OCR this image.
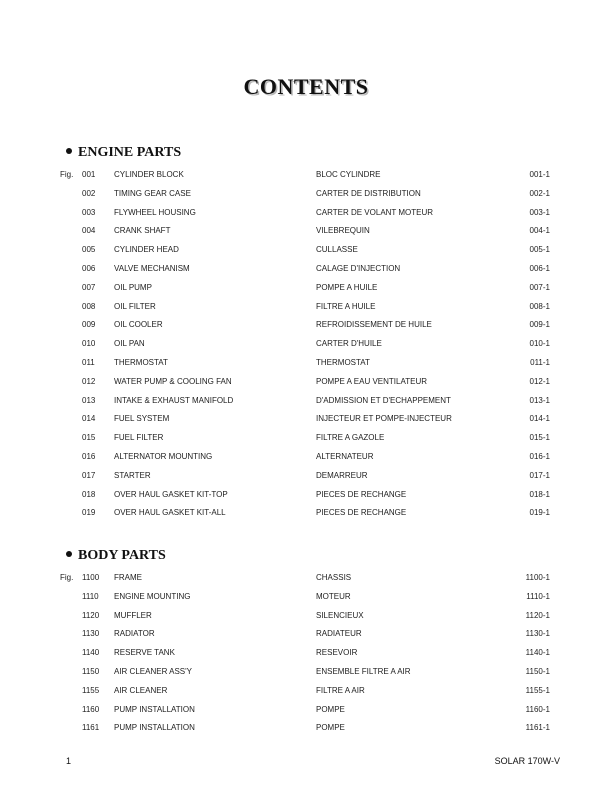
CONTENTS
ENGINE PARTS
Fig. 001 CYLINDER BLOCK	BLOC CYLINDRE	001-1
002 TIMING GEAR CASE	CARTER DE DISTRIBUTION	002-1
003 FLYWHEEL HOUSING	CARTER DE VOLANT MOTEUR	003-1
004 CRANK SHAFT	VILEBREQUIN	004-1
005 CYLINDER HEAD	CULLASSE	005-1
006 VALVE MECHANISM	CALAGE D'INJECTION	006-1
007 OIL PUMP	POMPE A HUILE	007-1
008 OIL FILTER	FILTRE A HUILE	008-1
009 OIL COOLER	REFROIDISSEMENT DE HUILE	009-1
010 OIL PAN	CARTER D'HUILE	010-1
011 THERMOSTAT	THERMOSTAT	011-1
012 WATER PUMP & COOLING FAN	POMPE A EAU VENTILATEUR	012-1
013 INTAKE & EXHAUST MANIFOLD	D'ADMISSION ET D'ECHAPPEMENT	013-1
014 FUEL SYSTEM	INJECTEUR ET POMPE-INJECTEUR	014-1
015 FUEL FILTER	FILTRE A GAZOLE	015-1
016 ALTERNATOR MOUNTING	ALTERNATEUR	016-1
017 STARTER	DEMARREUR	017-1
018 OVER HAUL GASKET KIT-TOP	PIECES DE RECHANGE	018-1
019 OVER HAUL GASKET KIT-ALL	PIECES DE RECHANGE	019-1
BODY PARTS
Fig. 1100 FRAME	CHASSIS	1100-1
1110 ENGINE MOUNTING	MOTEUR	1110-1
1120 MUFFLER	SILENCIEUX	1120-1
1130 RADIATOR	RADIATEUR	1130-1
1140 RESERVE TANK	RESEVOIR	1140-1
1150 AIR CLEANER ASS'Y	ENSEMBLE FILTRE A AIR	1150-1
1155 AIR CLEANER	FILTRE A AIR	1155-1
1160 PUMP INSTALLATION	POMPE	1160-1
1161 PUMP INSTALLATION	POMPE	1161-1
1	SOLAR 170W-V
